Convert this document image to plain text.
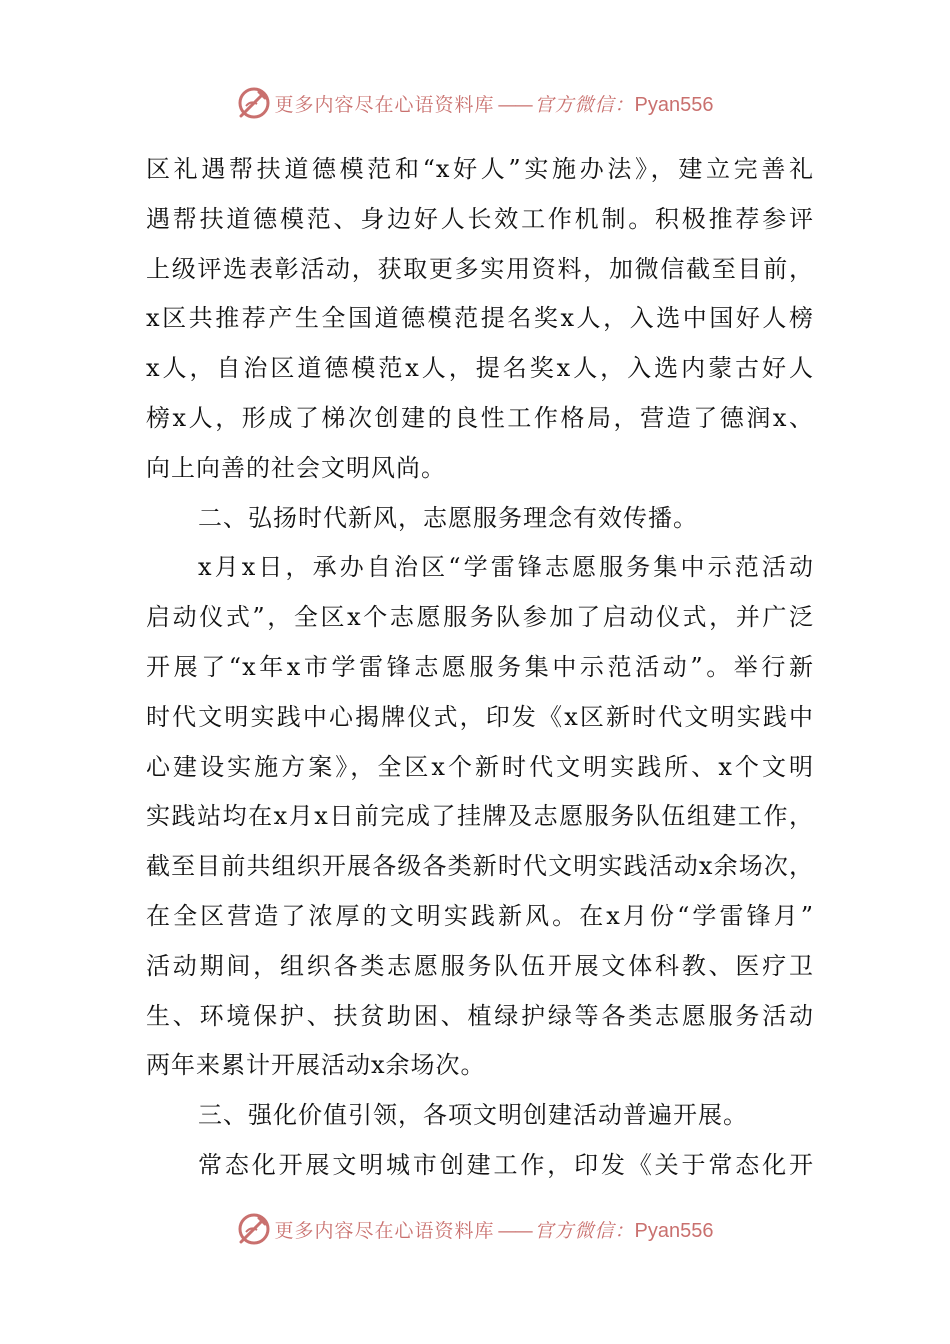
更多内容尽在心语资料库 —— 官方微信：Pyan556
区礼遇帮扶道德模范和“x好人”实施办法》，建立完善礼
遇帮扶道德模范、身边好人长效工作机制。积极推荐参评
上级评选表彰活动，获取更多实用资料，加微信截至目前，
x区共推荐产生全国道德模范提名奖x人，入选中国好人榜
x人，自治区道德模范x人，提名奖x人，入选内蒙古好人
榜x人，形成了梯次创建的良性工作格局，营造了德润x、
向上向善的社会文明风尚。
二、弘扬时代新风，志愿服务理念有效传播。
x月x日，承办自治区“学雷锋志愿服务集中示范活动
启动仪式”，全区x个志愿服务队参加了启动仪式，并广泛
开展了“x年x市学雷锋志愿服务集中示范活动”。举行新
时代文明实践中心揭牌仪式，印发《x区新时代文明实践中
心建设实施方案》，全区x个新时代文明实践所、x个文明
实践站均在x月x日前完成了挂牌及志愿服务队伍组建工作，
截至目前共组织开展各级各类新时代文明实践活动x余场次，
在全区营造了浓厚的文明实践新风。在x月份“学雷锋月”
活动期间，组织各类志愿服务队伍开展文体科教、医疗卫
生、环境保护、扶贫助困、植绿护绿等各类志愿服务活动
两年来累计开展活动x余场次。
三、强化价值引领，各项文明创建活动普遍开展。
常态化开展文明城市创建工作，印发《关于常态化开
更多内容尽在心语资料库 —— 官方微信：Pyan556
